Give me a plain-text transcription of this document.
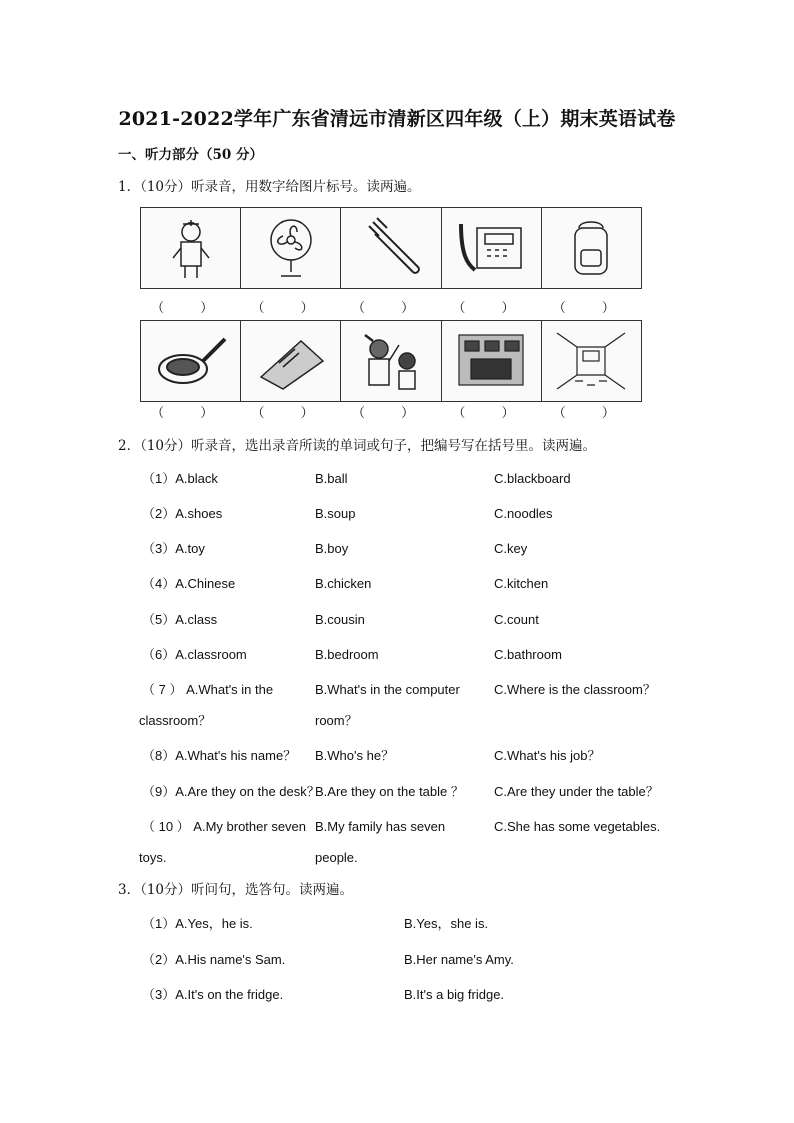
2021-2022学年广东省清远市清新区四年级（上）期末英语试卷
一、听力部分（50 分）
1．（10分）听录音，用数字给图片标号。读两遍。
（ ）	（ ）	（ ）	（ ）	（ ）
（ ）	（ ）	（ ）	（ ）	（ ）
2．（10分）听录音，选出录音所读的单词或句子，把编号写在括号里。读两遍。
（1）A.black	B.ball	C.blackboard
（2）A.shoes	B.soup	C.noodles
（3）A.toy	B.boy	C.key
（4）A.Chinese	B.chicken	C.kitchen
（5）A.class	B.cousin	C.count
（6）A.classroom	B.bedroom	C.bathroom
（ 7 ） A.What's in the
classroom？
B.What's in the computer
room？
C.Where is the classroom？
（8）A.What's his name？ B.Who's he？	C.What's his job？
（9）A.Are they on the desk？
B.Are they on the table ？ C.Are they under the table？
（ 10 ） A.My brother seven
toys.
B.My family has seven
people.
C.She has some vegetables.
3．（10分）听问句，选答句。读两遍。
（1）A.Yes，he is.	B.Yes，she is.
（2）A.His name's Sam.	B.Her name's Amy.
（3）A.It's on the fridge.	B.It's a big fridge.
